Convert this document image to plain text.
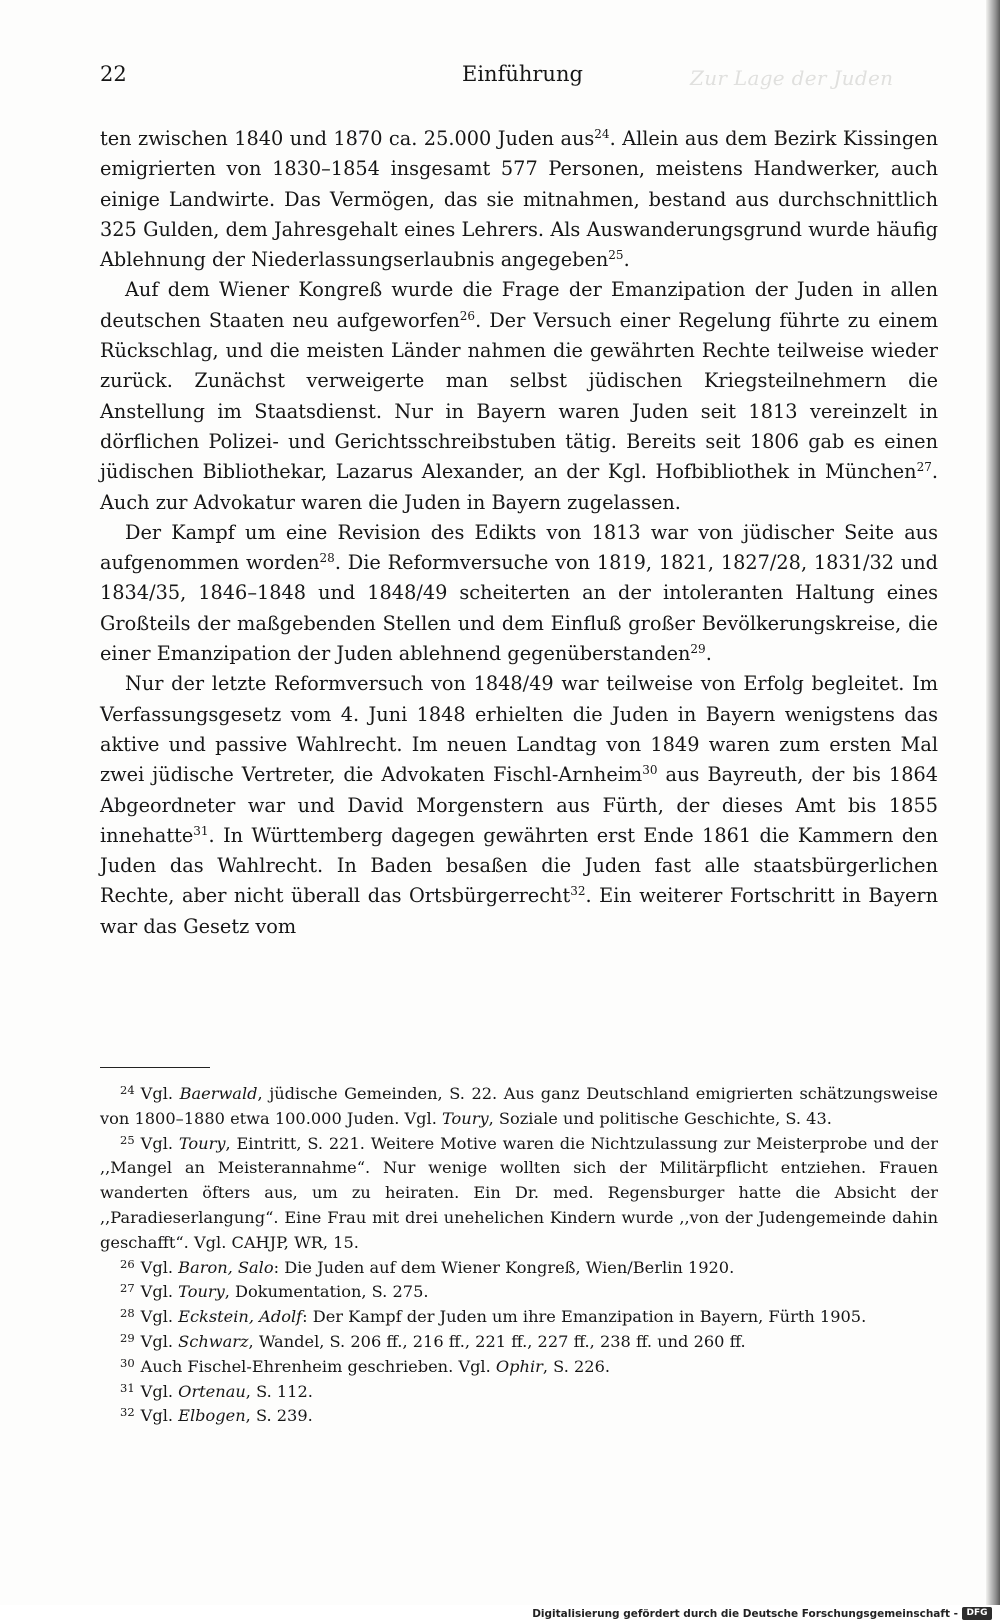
22	Einführung	Zur Lage der Juden

ten zwischen 1840 und 1870 ca. 25.000 Juden aus$^{24}$. Allein aus dem Bezirk Kissingen emigrierten von 1830–1854 insgesamt 577 Personen, meistens Handwerker, auch einige Landwirte. Das Vermögen, das sie mitnahmen, bestand aus durchschnittlich 325 Gulden, dem Jahresgehalt eines Lehrers. Als Auswanderungsgrund wurde häufig Ablehnung der Niederlassungserlaubnis angegeben$^{25}$.

Auf dem Wiener Kongreß wurde die Frage der Emanzipation der Juden in allen deutschen Staaten neu aufgeworfen$^{26}$. Der Versuch einer Regelung führte zu einem Rückschlag, und die meisten Länder nahmen die gewährten Rechte teilweise wieder zurück. Zunächst verweigerte man selbst jüdischen Kriegsteilnehmern die Anstellung im Staatsdienst. Nur in Bayern waren Juden seit 1813 vereinzelt in dörflichen Polizei- und Gerichtsschreibstuben tätig. Bereits seit 1806 gab es einen jüdischen Bibliothekar, Lazarus Alexander, an der Kgl. Hofbibliothek in München$^{27}$. Auch zur Advokatur waren die Juden in Bayern zugelassen.

Der Kampf um eine Revision des Edikts von 1813 war von jüdischer Seite aus aufgenommen worden$^{28}$. Die Reformversuche von 1819, 1821, 1827/28, 1831/32 und 1834/35, 1846–1848 und 1848/49 scheiterten an der intoleranten Haltung eines Großteils der maßgebenden Stellen und dem Einfluß großer Bevölkerungskreise, die einer Emanzipation der Juden ablehnend gegenüberstanden$^{29}$.

Nur der letzte Reformversuch von 1848/49 war teilweise von Erfolg begleitet. Im Verfassungsgesetz vom 4. Juni 1848 erhielten die Juden in Bayern wenigstens das aktive und passive Wahlrecht. Im neuen Landtag von 1849 waren zum ersten Mal zwei jüdische Vertreter, die Advokaten Fischl-Arnheim$^{30}$ aus Bayreuth, der bis 1864 Abgeordneter war und David Morgenstern aus Fürth, der dieses Amt bis 1855 innehatte$^{31}$. In Württemberg dagegen gewährten erst Ende 1861 die Kammern den Juden das Wahlrecht. In Baden besaßen die Juden fast alle staatsbürgerlichen Rechte, aber nicht überall das Ortsbürgerrecht$^{32}$. Ein weiterer Fortschritt in Bayern war das Gesetz vom

$^{24}$ Vgl. Baerwald, jüdische Gemeinden, S. 22. Aus ganz Deutschland emigrierten schätzungsweise von 1800–1880 etwa 100.000 Juden. Vgl. Toury, Soziale und politische Geschichte, S. 43.

$^{25}$ Vgl. Toury, Eintritt, S. 221. Weitere Motive waren die Nichtzulassung zur Meisterprobe und der ,,Mangel an Meisterannahme“. Nur wenige wollten sich der Militärpflicht entziehen. Frauen wanderten öfters aus, um zu heiraten. Ein Dr. med. Regensburger hatte die Absicht der ,,Paradieserlangung“. Eine Frau mit drei unehelichen Kindern wurde ,,von der Judengemeinde dahin geschafft“. Vgl. CAHJP, WR, 15.

$^{26}$ Vgl. Baron, Salo: Die Juden auf dem Wiener Kongreß, Wien/Berlin 1920.

$^{27}$ Vgl. Toury, Dokumentation, S. 275.

$^{28}$ Vgl. Eckstein, Adolf: Der Kampf der Juden um ihre Emanzipation in Bayern, Fürth 1905.

$^{29}$ Vgl. Schwarz, Wandel, S. 206 ff., 216 ff., 221 ff., 227 ff., 238 ff. und 260 ff.

$^{30}$ Auch Fischel-Ehrenheim geschrieben. Vgl. Ophir, S. 226.

$^{31}$ Vgl. Ortenau, S. 112.

$^{32}$ Vgl. Elbogen, S. 239.

Digitalisierung gefördert durch die Deutsche Forschungsgemeinschaft - DFG
